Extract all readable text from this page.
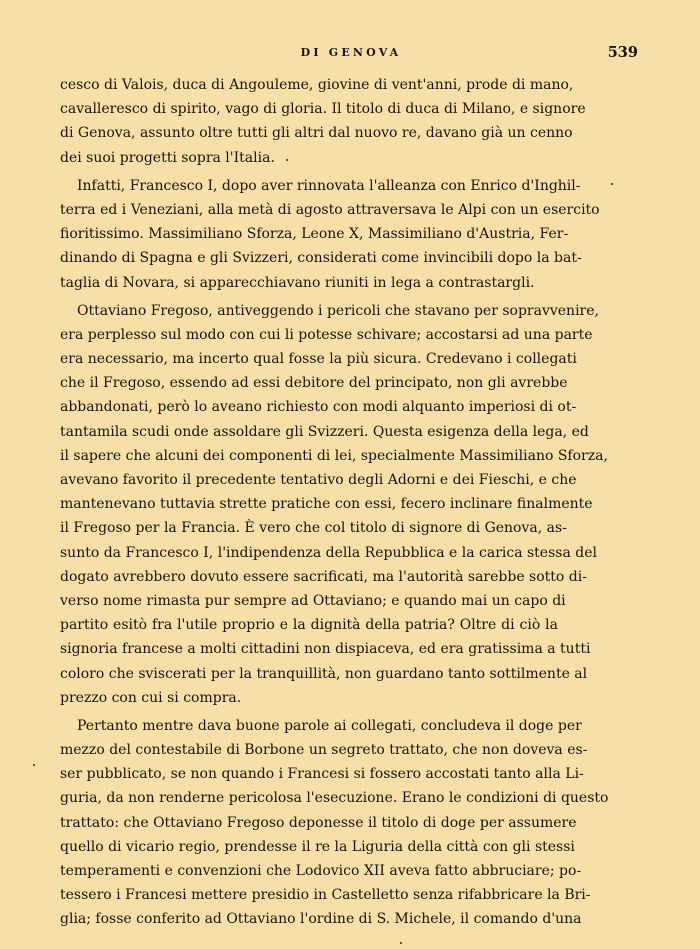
DI GENOVA	539
cesco di Valois, duca di Angouleme, giovine di vent'anni, prode di mano,
cavalleresco di spirito, vago di gloria. Il titolo di duca di Milano, e signore
di Genova, assunto oltre tutti gli altri dal nuovo re, davano già un cenno
dei suoi progetti sopra l'Italia.
Infatti, Francesco I, dopo aver rinnovata l'alleanza con Enrico d'Inghil-
terra ed i Veneziani, alla metà di agosto attraversava le Alpi con un esercito
fioritissimo. Massimiliano Sforza, Leone X, Massimiliano d'Austria, Fer-
dinando di Spagna e gli Svizzeri, considerati come invincibili dopo la bat-
taglia di Novara, si apparecchiavano riuniti in lega a contrastargli.
Ottaviano Fregoso, antiveggendo i pericoli che stavano per sopravvenire,
era perplesso sul modo con cui li potesse schivare; accostarsi ad una parte
era necessario, ma incerto qual fosse la più sicura. Credevano i collegati
che il Fregoso, essendo ad essi debitore del principato, non gli avrebbe
abbandonati, però lo aveano richiesto con modi alquanto imperiosi di ot-
tantamila scudi onde assoldare gli Svizzeri. Questa esigenza della lega, ed
il sapere che alcuni dei componenti di lei, specialmente Massimiliano Sforza,
avevano favorito il precedente tentativo degli Adorni e dei Fieschi, e che
mantenevano tuttavia strette pratiche con essi, fecero inclinare finalmente
il Fregoso per la Francia. È vero che col titolo di signore di Genova, as-
sunto da Francesco I, l'indipendenza della Repubblica e la carica stessa del
dogato avrebbero dovuto essere sacrificati, ma l'autorità sarebbe sotto di-
verso nome rimasta pur sempre ad Ottaviano; e quando mai un capo di
partito esitò fra l'utile proprio e la dignità della patria? Oltre di ciò la
signoria francese a molti cittadini non dispiaceva, ed era gratissima a tutti
coloro che sviscerati per la tranquillità, non guardano tanto sottilmente al
prezzo con cui si compra.
Pertanto mentre dava buone parole ai collegati, concludeva il doge per
mezzo del contestabile di Borbone un segreto trattato, che non doveva es-
ser pubblicato, se non quando i Francesi si fossero accostati tanto alla Li-
guria, da non renderne pericolosa l'esecuzione. Erano le condizioni di questo
trattato: che Ottaviano Fregoso deponesse il titolo di doge per assumere
quello di vicario regio, prendesse il re la Liguria della città con gli stessi
temperamenti e convenzioni che Lodovico XII aveva fatto abbruciare; po-
tessero i Francesi mettere presidio in Castelletto senza rifabbricare la Bri-
glia; fosse conferito ad Ottaviano l'ordine di S. Michele, il comando d'una
